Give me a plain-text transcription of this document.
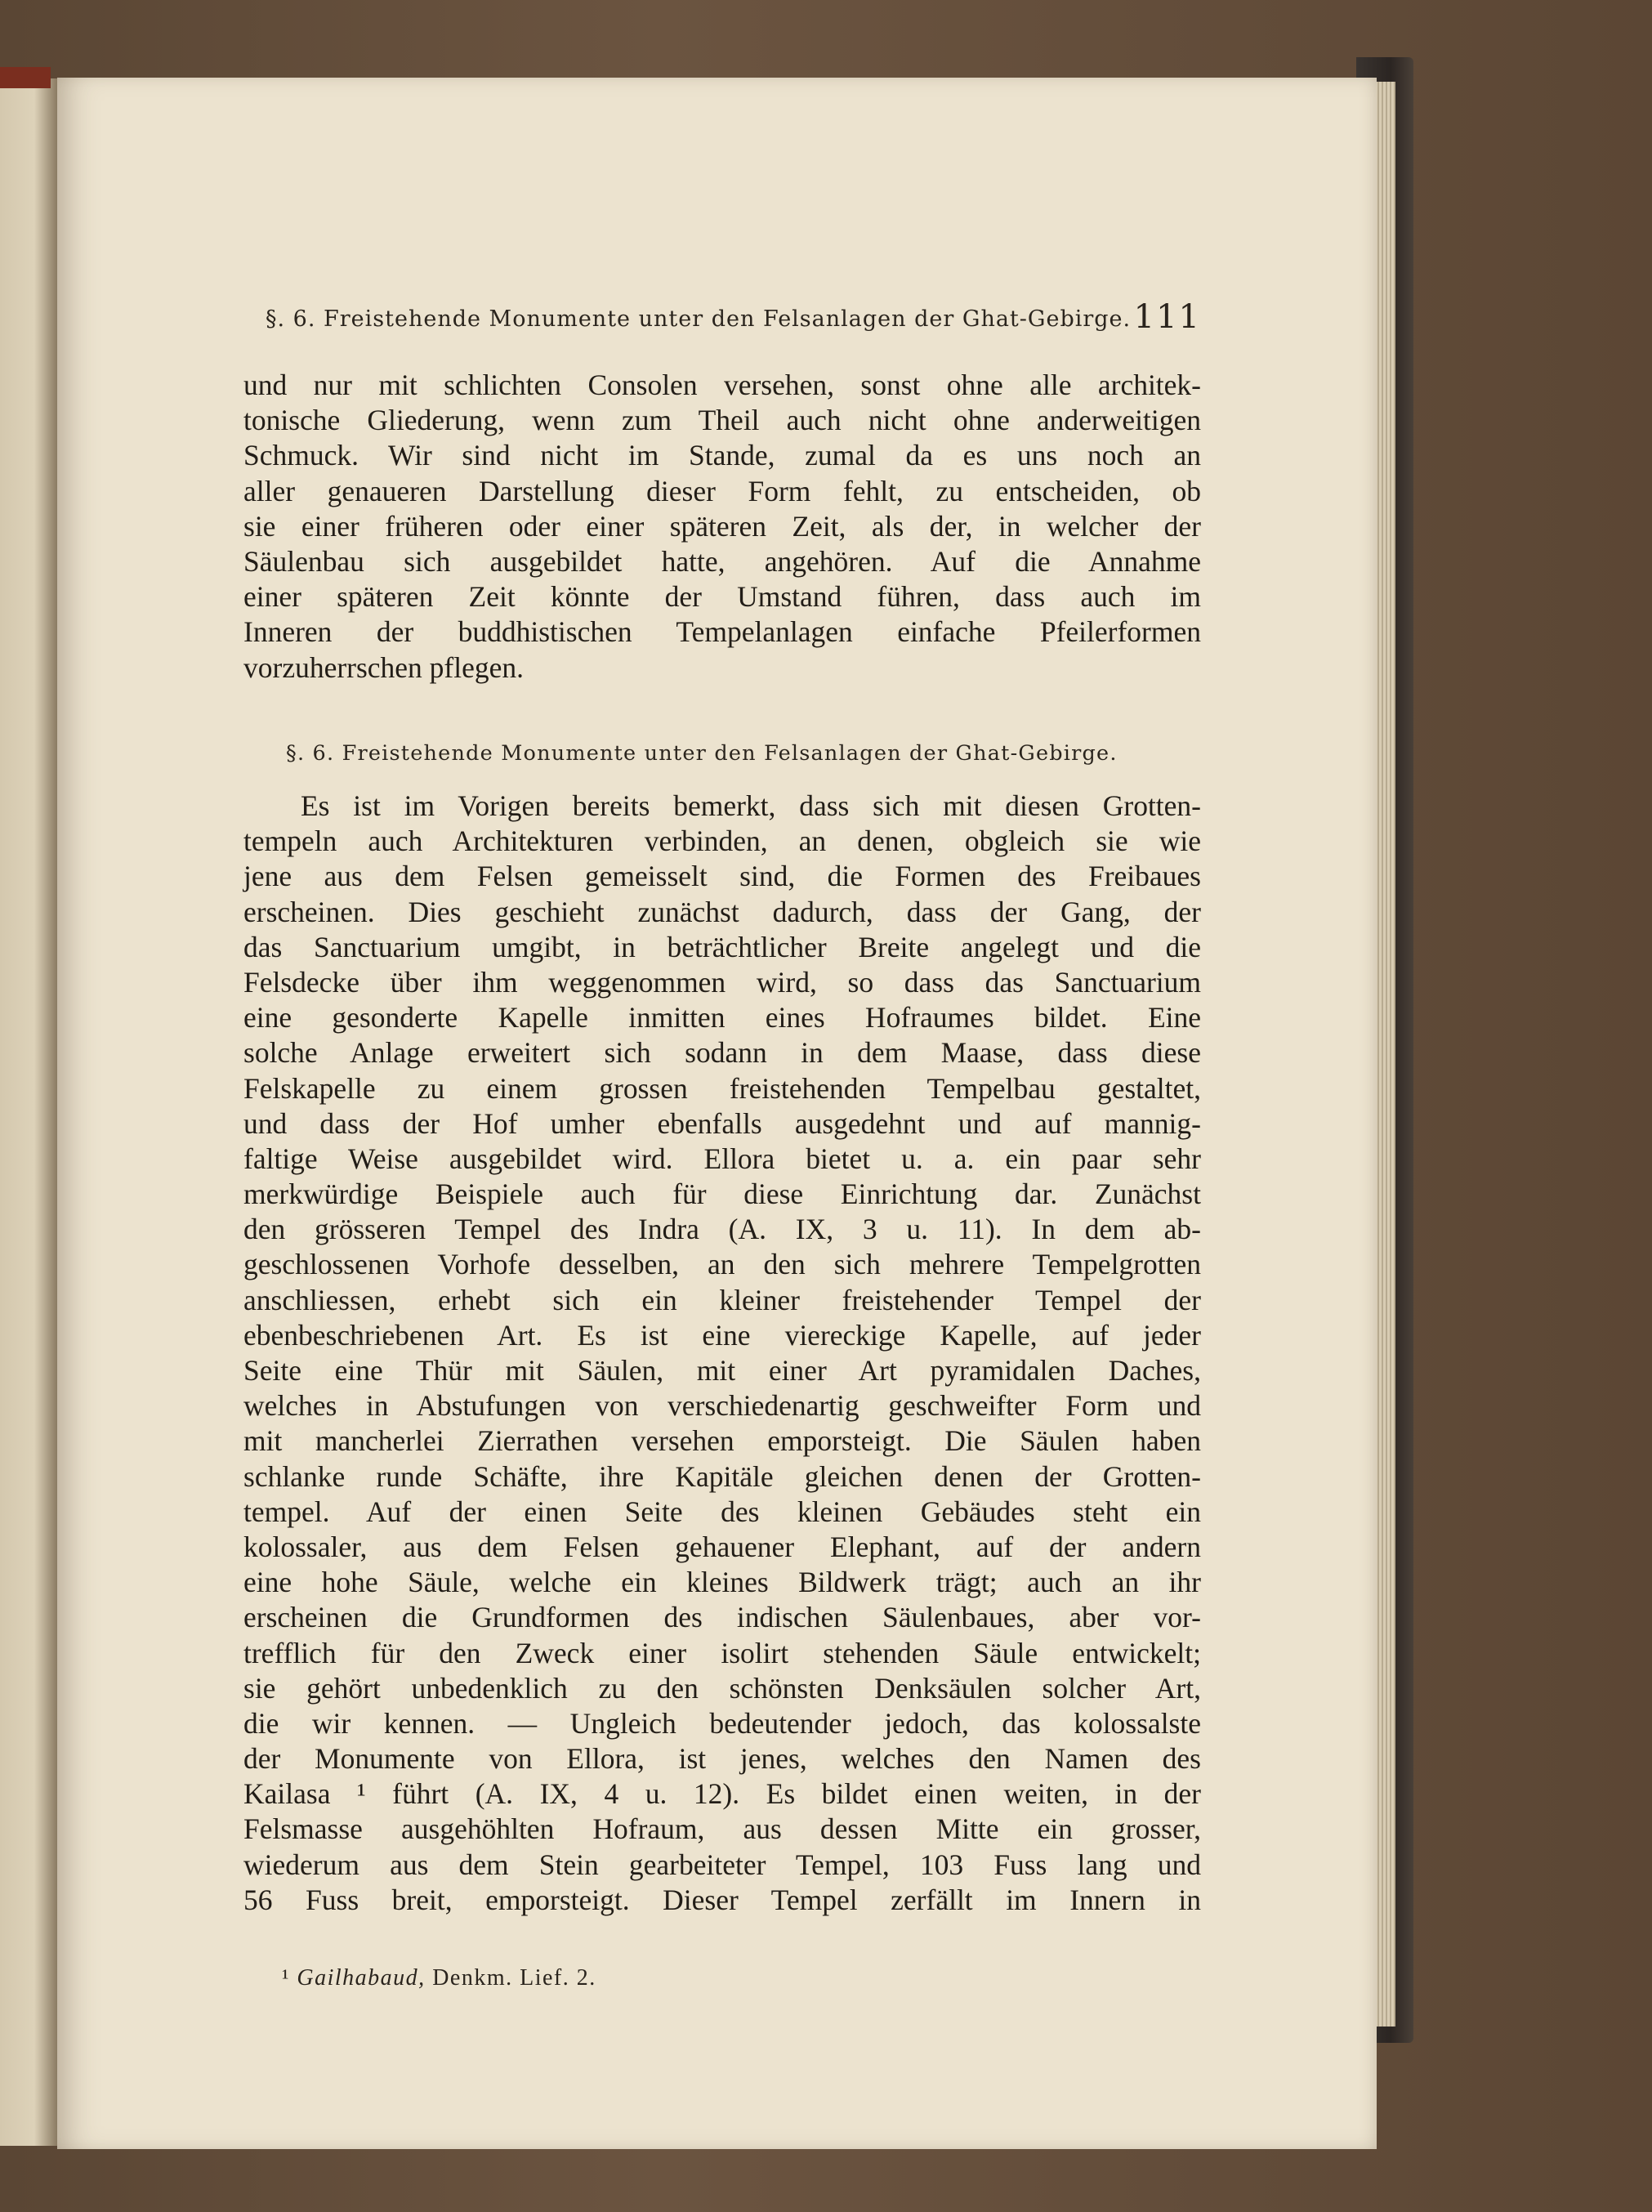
§. 6. Freistehende Monumente unter den Felsanlagen der Ghat-Gebirge. 111
und nur mit schlichten Consolen versehen, sonst ohne alle architek-
tonische Gliederung, wenn zum Theil auch nicht ohne anderweitigen
Schmuck. Wir sind nicht im Stande, zumal da es uns noch an
aller genaueren Darstellung dieser Form fehlt, zu entscheiden, ob
sie einer früheren oder einer späteren Zeit, als der, in welcher der
Säulenbau sich ausgebildet hatte, angehören. Auf die Annahme
einer späteren Zeit könnte der Umstand führen, dass auch im
Inneren der buddhistischen Tempelanlagen einfache Pfeilerformen
vorzuherrschen pflegen.
§. 6. Freistehende Monumente unter den Felsanlagen der Ghat-Gebirge.
Es ist im Vorigen bereits bemerkt, dass sich mit diesen Grotten-
tempeln auch Architekturen verbinden, an denen, obgleich sie wie
jene aus dem Felsen gemeisselt sind, die Formen des Freibaues
erscheinen. Dies geschieht zunächst dadurch, dass der Gang, der
das Sanctuarium umgibt, in beträchtlicher Breite angelegt und die
Felsdecke über ihm weggenommen wird, so dass das Sanctuarium
eine gesonderte Kapelle inmitten eines Hofraumes bildet. Eine
solche Anlage erweitert sich sodann in dem Maase, dass diese
Felskapelle zu einem grossen freistehenden Tempelbau gestaltet,
und dass der Hof umher ebenfalls ausgedehnt und auf mannig-
faltige Weise ausgebildet wird. Ellora bietet u. a. ein paar sehr
merkwürdige Beispiele auch für diese Einrichtung dar. Zunächst
den grösseren Tempel des Indra (A. IX, 3 u. 11). In dem ab-
geschlossenen Vorhofe desselben, an den sich mehrere Tempelgrotten
anschliessen, erhebt sich ein kleiner freistehender Tempel der
ebenbeschriebenen Art. Es ist eine viereckige Kapelle, auf jeder
Seite eine Thür mit Säulen, mit einer Art pyramidalen Daches,
welches in Abstufungen von verschiedenartig geschweifter Form und
mit mancherlei Zierrathen versehen emporsteigt. Die Säulen haben
schlanke runde Schäfte, ihre Kapitäle gleichen denen der Grotten-
tempel. Auf der einen Seite des kleinen Gebäudes steht ein
kolossaler, aus dem Felsen gehauener Elephant, auf der andern
eine hohe Säule, welche ein kleines Bildwerk trägt; auch an ihr
erscheinen die Grundformen des indischen Säulenbaues, aber vor-
trefflich für den Zweck einer isolirt stehenden Säule entwickelt;
sie gehört unbedenklich zu den schönsten Denksäulen solcher Art,
die wir kennen. — Ungleich bedeutender jedoch, das kolossalste
der Monumente von Ellora, ist jenes, welches den Namen des
Kailasa ¹ führt (A. IX, 4 u. 12). Es bildet einen weiten, in der
Felsmasse ausgehöhlten Hofraum, aus dessen Mitte ein grosser,
wiederum aus dem Stein gearbeiteter Tempel, 103 Fuss lang und
56 Fuss breit, emporsteigt. Dieser Tempel zerfällt im Innern in
¹ Gailhabaud, Denkm. Lief. 2.
